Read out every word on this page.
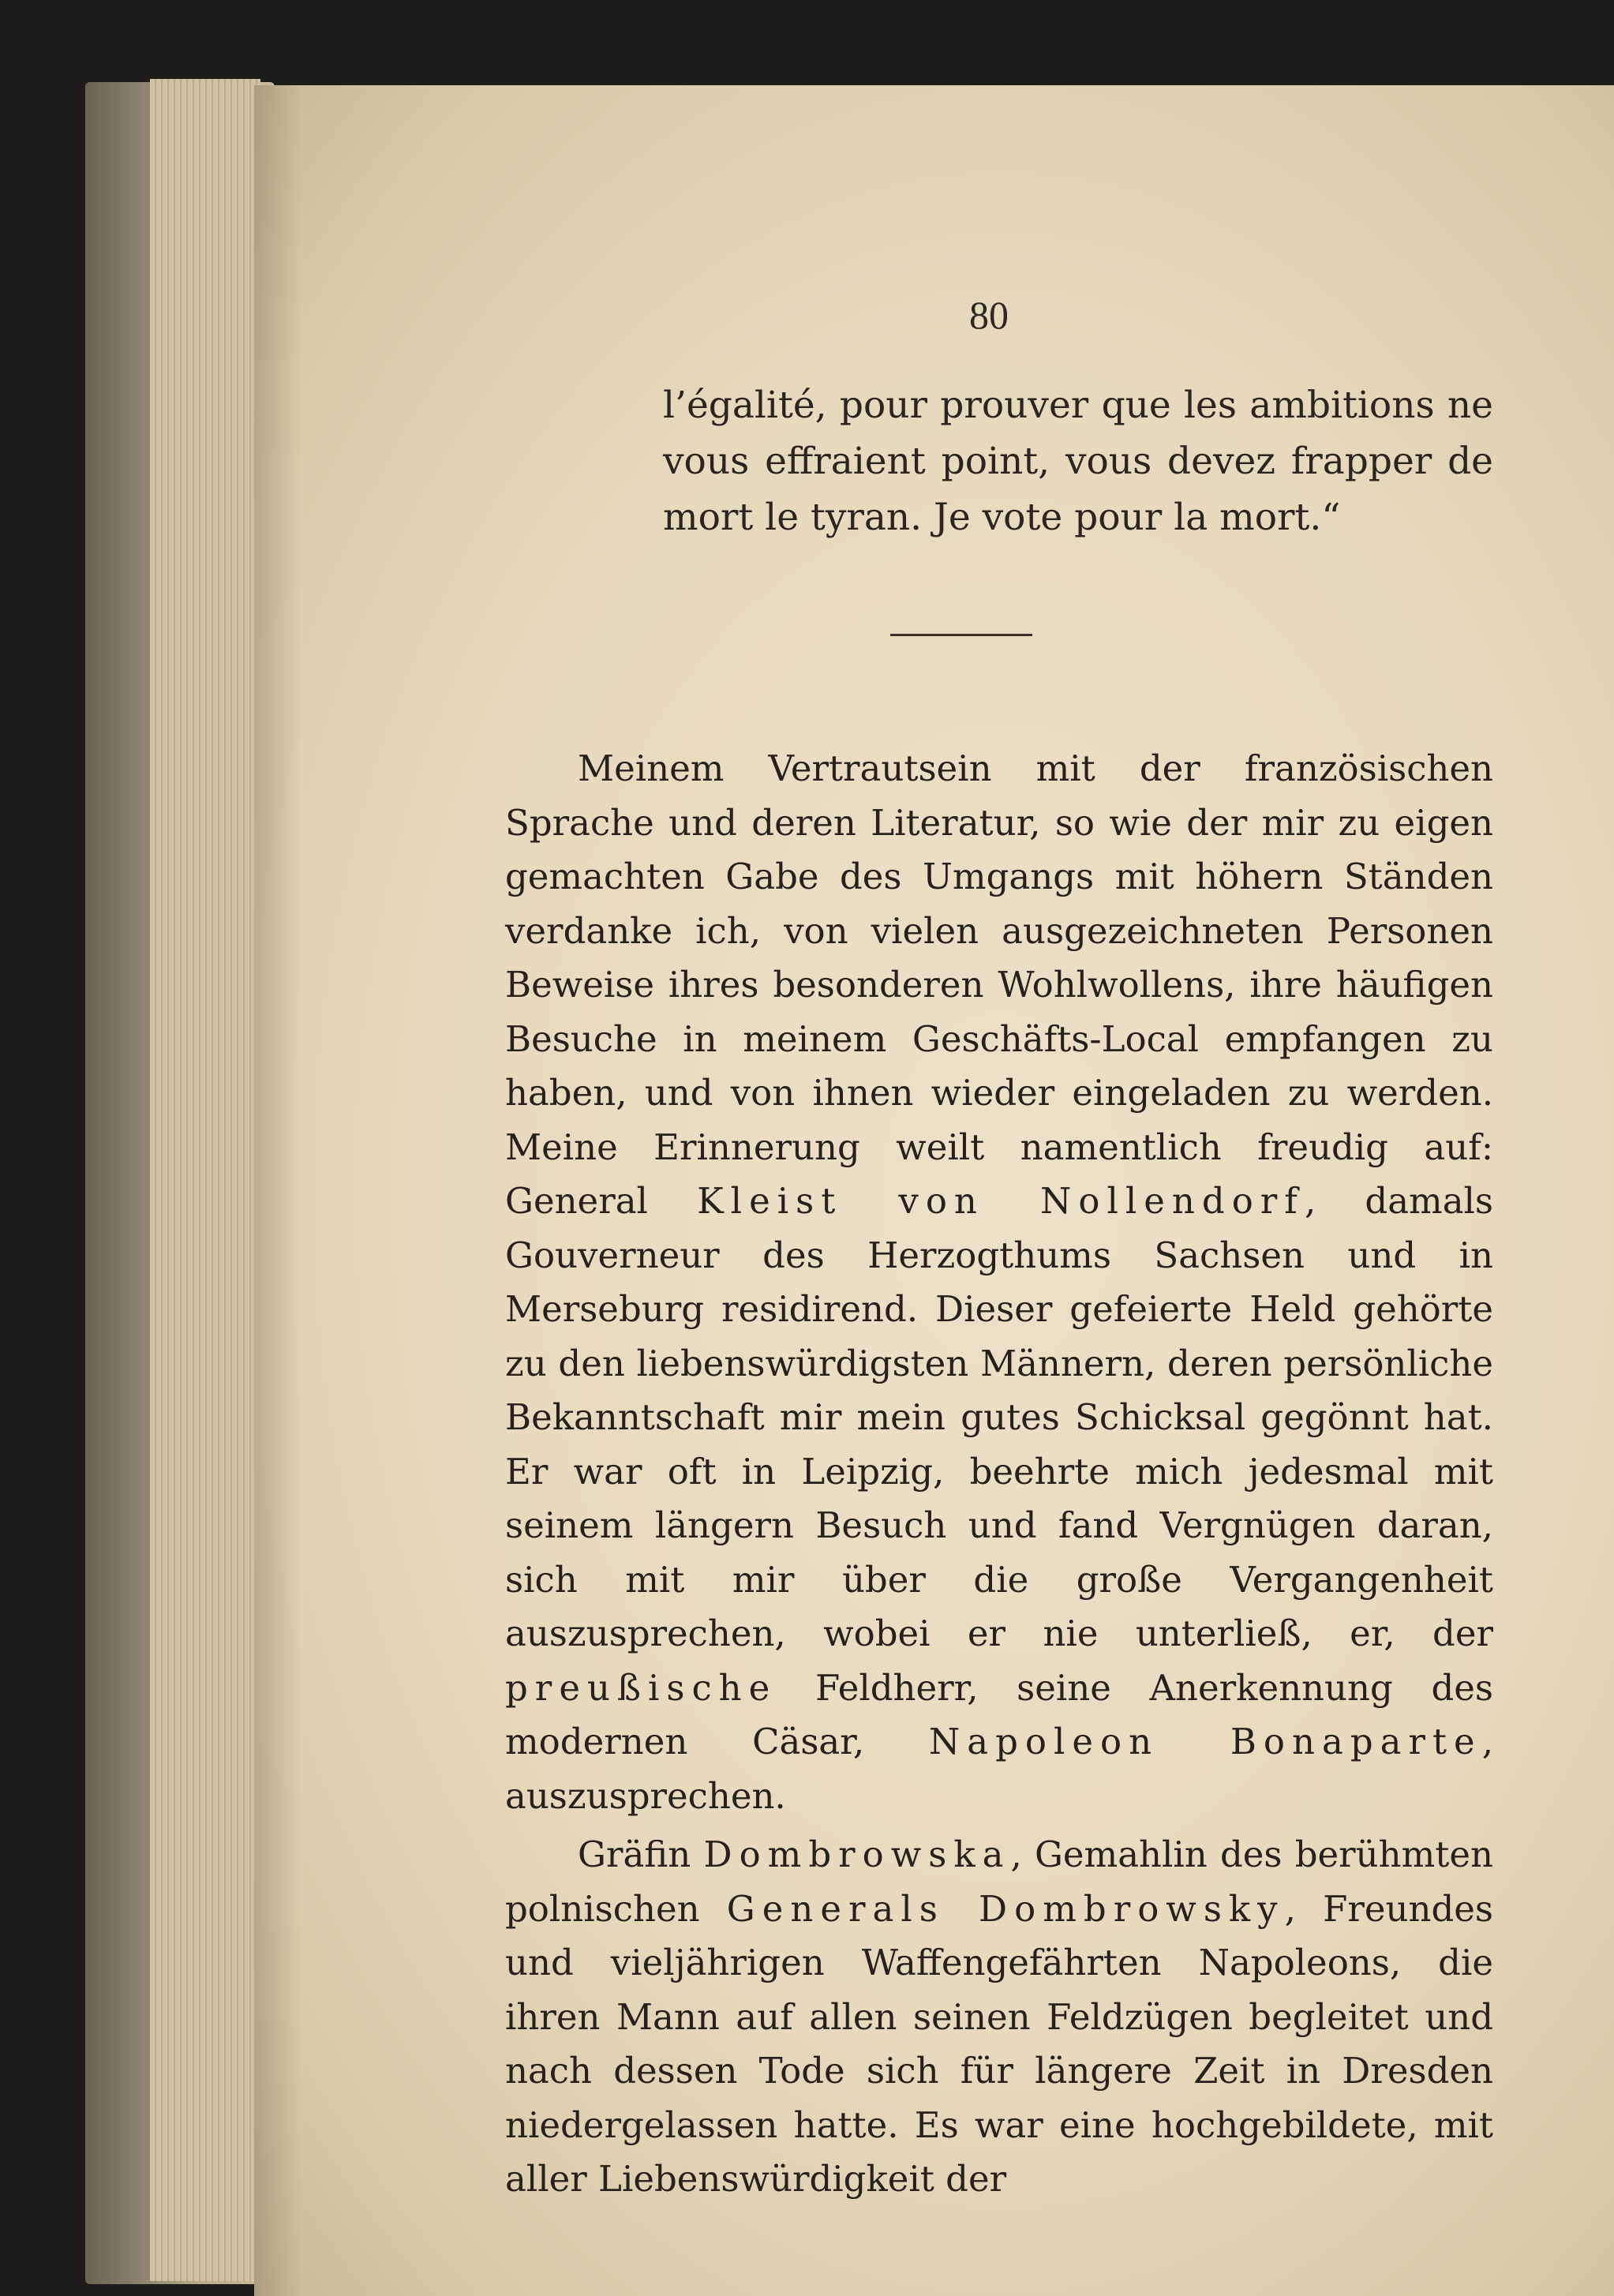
80
l’égalité, pour prouver que les ambitions ne vous effraient point, vous devez frapper de mort le tyran. Je vote pour la mort.“

Meinem Vertrautsein mit der französischen Sprache und deren Literatur, so wie der mir zu eigen gemachten Gabe des Umgangs mit höhern Ständen verdanke ich, von vielen ausgezeichneten Personen Beweise ihres besonderen Wohlwollens, ihre häufigen Besuche in meinem Geschäfts-Local empfangen zu haben, und von ihnen wieder eingeladen zu werden. Meine Erinnerung weilt namentlich freudig auf: General Kleist von Nollendorf, damals Gouverneur des Herzogthums Sachsen und in Merseburg residirend. Dieser gefeierte Held gehörte zu den liebenswürdigsten Männern, deren persönliche Bekanntschaft mir mein gutes Schicksal gegönnt hat. Er war oft in Leipzig, beehrte mich jedesmal mit seinem längern Besuch und fand Vergnügen daran, sich mit mir über die große Vergangenheit auszusprechen, wobei er nie unterließ, er, der preußische Feldherr, seine Anerkennung des modernen Cäsar, Napoleon Bonaparte, auszusprechen.

Gräfin Dombrowska, Gemahlin des berühmten polnischen Generals Dombrowsky, Freundes und vieljährigen Waffengefährten Napoleons, die ihren Mann auf allen seinen Feldzügen begleitet und nach dessen Tode sich für längere Zeit in Dresden niedergelassen hatte. Es war eine hochgebildete, mit aller Liebenswürdigkeit der
